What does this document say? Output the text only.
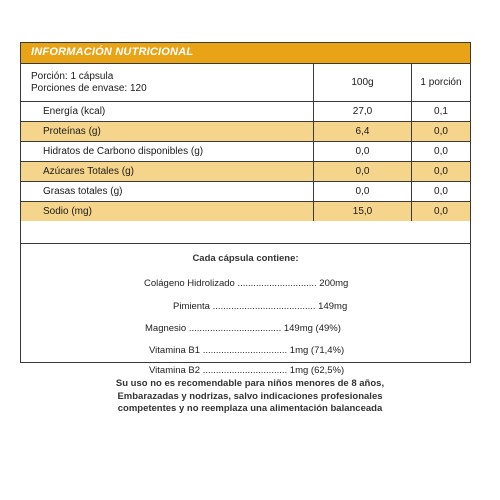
INFORMACIÓN NUTRICIONAL
Porción: 1 cápsula
Porciones de envase: 120	100g	1 porción
Energía (kcal)	27,0	0,1
Proteínas (g)	6,4	0,0
Hidratos de Carbono disponibles (g)	0,0	0,0
Azúcares Totales (g)	0,0	0,0
Grasas totales (g)	0,0	0,0
Sodio (mg)	15,0	0,0
Cada cápsula contiene:
Colágeno Hidrolizado .............................. 200mg
Pimienta ....................................... 149mg
Magnesio ................................... 149mg (49%)
Vitamina B1 ................................ 1mg (71,4%)
Vitamina B2 ................................ 1mg (62,5%)
Su uso no es recomendable para niños menores de 8 años,
Embarazadas y nodrizas, salvo indicaciones profesionales
competentes y no reemplaza una alimentación balanceada
